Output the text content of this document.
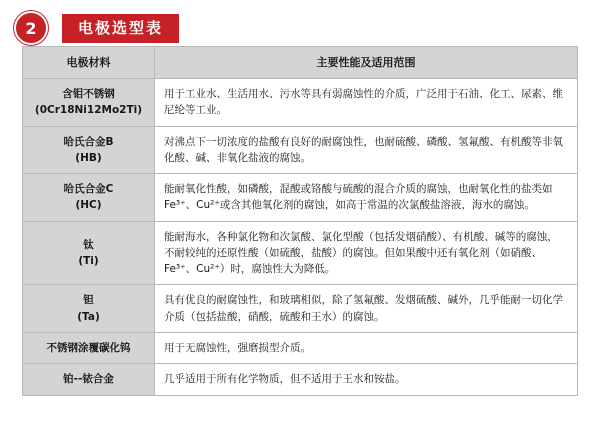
2	电极选型表
电极材料	主要性能及适用范围

含钼不锈钢
(0Cr18Ni12Mo2Ti)	用于工业水、生活用水、污水等具有弱腐蚀性的介质，广泛用于石油、化工、尿素、维尼纶等工业。

哈氏合金B
(HB)	对沸点下一切浓度的盐酸有良好的耐腐蚀性，也耐硫酸、磷酸、氢氟酸、有机酸等非氧化酸、碱、非氧化盐液的腐蚀。

哈氏合金C
(HC)	能耐氧化性酸，如磷酸，混酸或铬酸与硫酸的混合介质的腐蚀，也耐氧化性的盐类如Fe³⁺、Cu²⁺或含其他氧化剂的腐蚀，如高于常温的次氯酸盐溶液，海水的腐蚀。

钛
(Ti)	能耐海水，各种氯化物和次氯酸、氯化型酸（包括发烟硝酸）、有机酸、碱等的腐蚀，不耐较纯的还原性酸（如硫酸，盐酸）的腐蚀。但如果酸中还有氧化剂（如硝酸、Fe³⁺、Cu²⁺）时，腐蚀性大为降低。

钽
(Ta)	具有优良的耐腐蚀性，和玻璃相似，除了氢氟酸、发烟硫酸、碱外，几乎能耐一切化学介质（包括盐酸，硝酸，硫酸和王水）的腐蚀。

不锈钢涂覆碳化钨	用于无腐蚀性，强磨损型介质。

铂--铱合金	几乎适用于所有化学物质，但不适用于王水和铵盐。
